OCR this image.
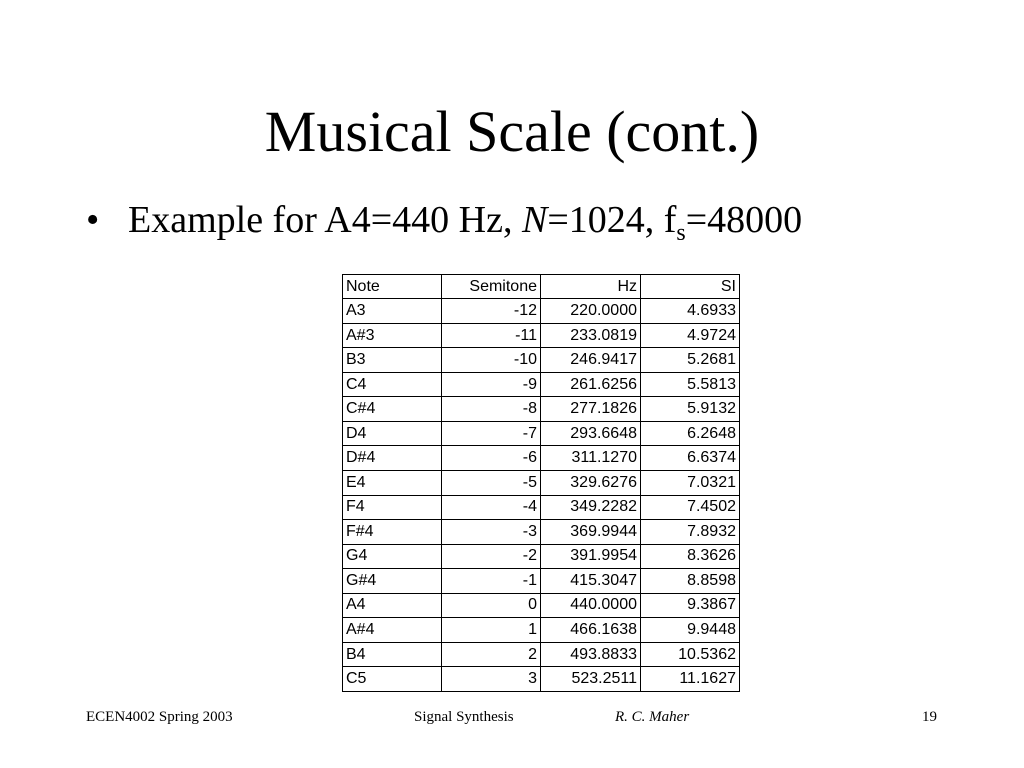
Musical Scale (cont.)
• Example for A4=440 Hz, N=1024, $f_s=48000$
Note	Semitone	Hz	SI
A3	-12	220.0000	4.6933
A#3	-11	233.0819	4.9724
B3	-10	246.9417	5.2681
C4	-9	261.6256	5.5813
C#4	-8	277.1826	5.9132
D4	-7	293.6648	6.2648
D#4	-6	311.1270	6.6374
E4	-5	329.6276	7.0321
F4	-4	349.2282	7.4502
F#4	-3	369.9944	7.8932
G4	-2	391.9954	8.3626
G#4	-1	415.3047	8.8598
A4	0	440.0000	9.3867
A#4	1	466.1638	9.9448
B4	2	493.8833	10.5362
C5	3	523.2511	11.1627
ECEN4002 Spring 2003	Signal Synthesis	R. C. Maher	19
